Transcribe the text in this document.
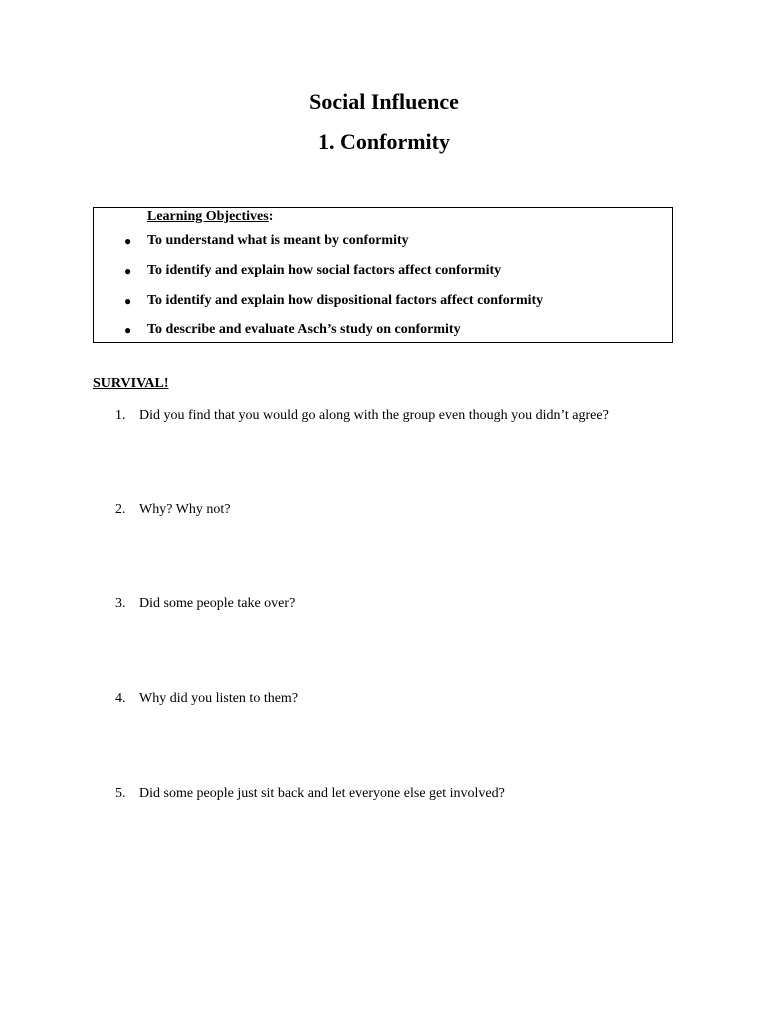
Social Influence
1. Conformity
Learning Objectives:
● To understand what is meant by conformity
● To identify and explain how social factors affect conformity
● To identify and explain how dispositional factors affect conformity
● To describe and evaluate Asch’s study on conformity
SURVIVAL!
1. Did you find that you would go along with the group even though you didn’t agree?
2. Why? Why not?
3. Did some people take over?
4. Why did you listen to them?
5. Did some people just sit back and let everyone else get involved?
